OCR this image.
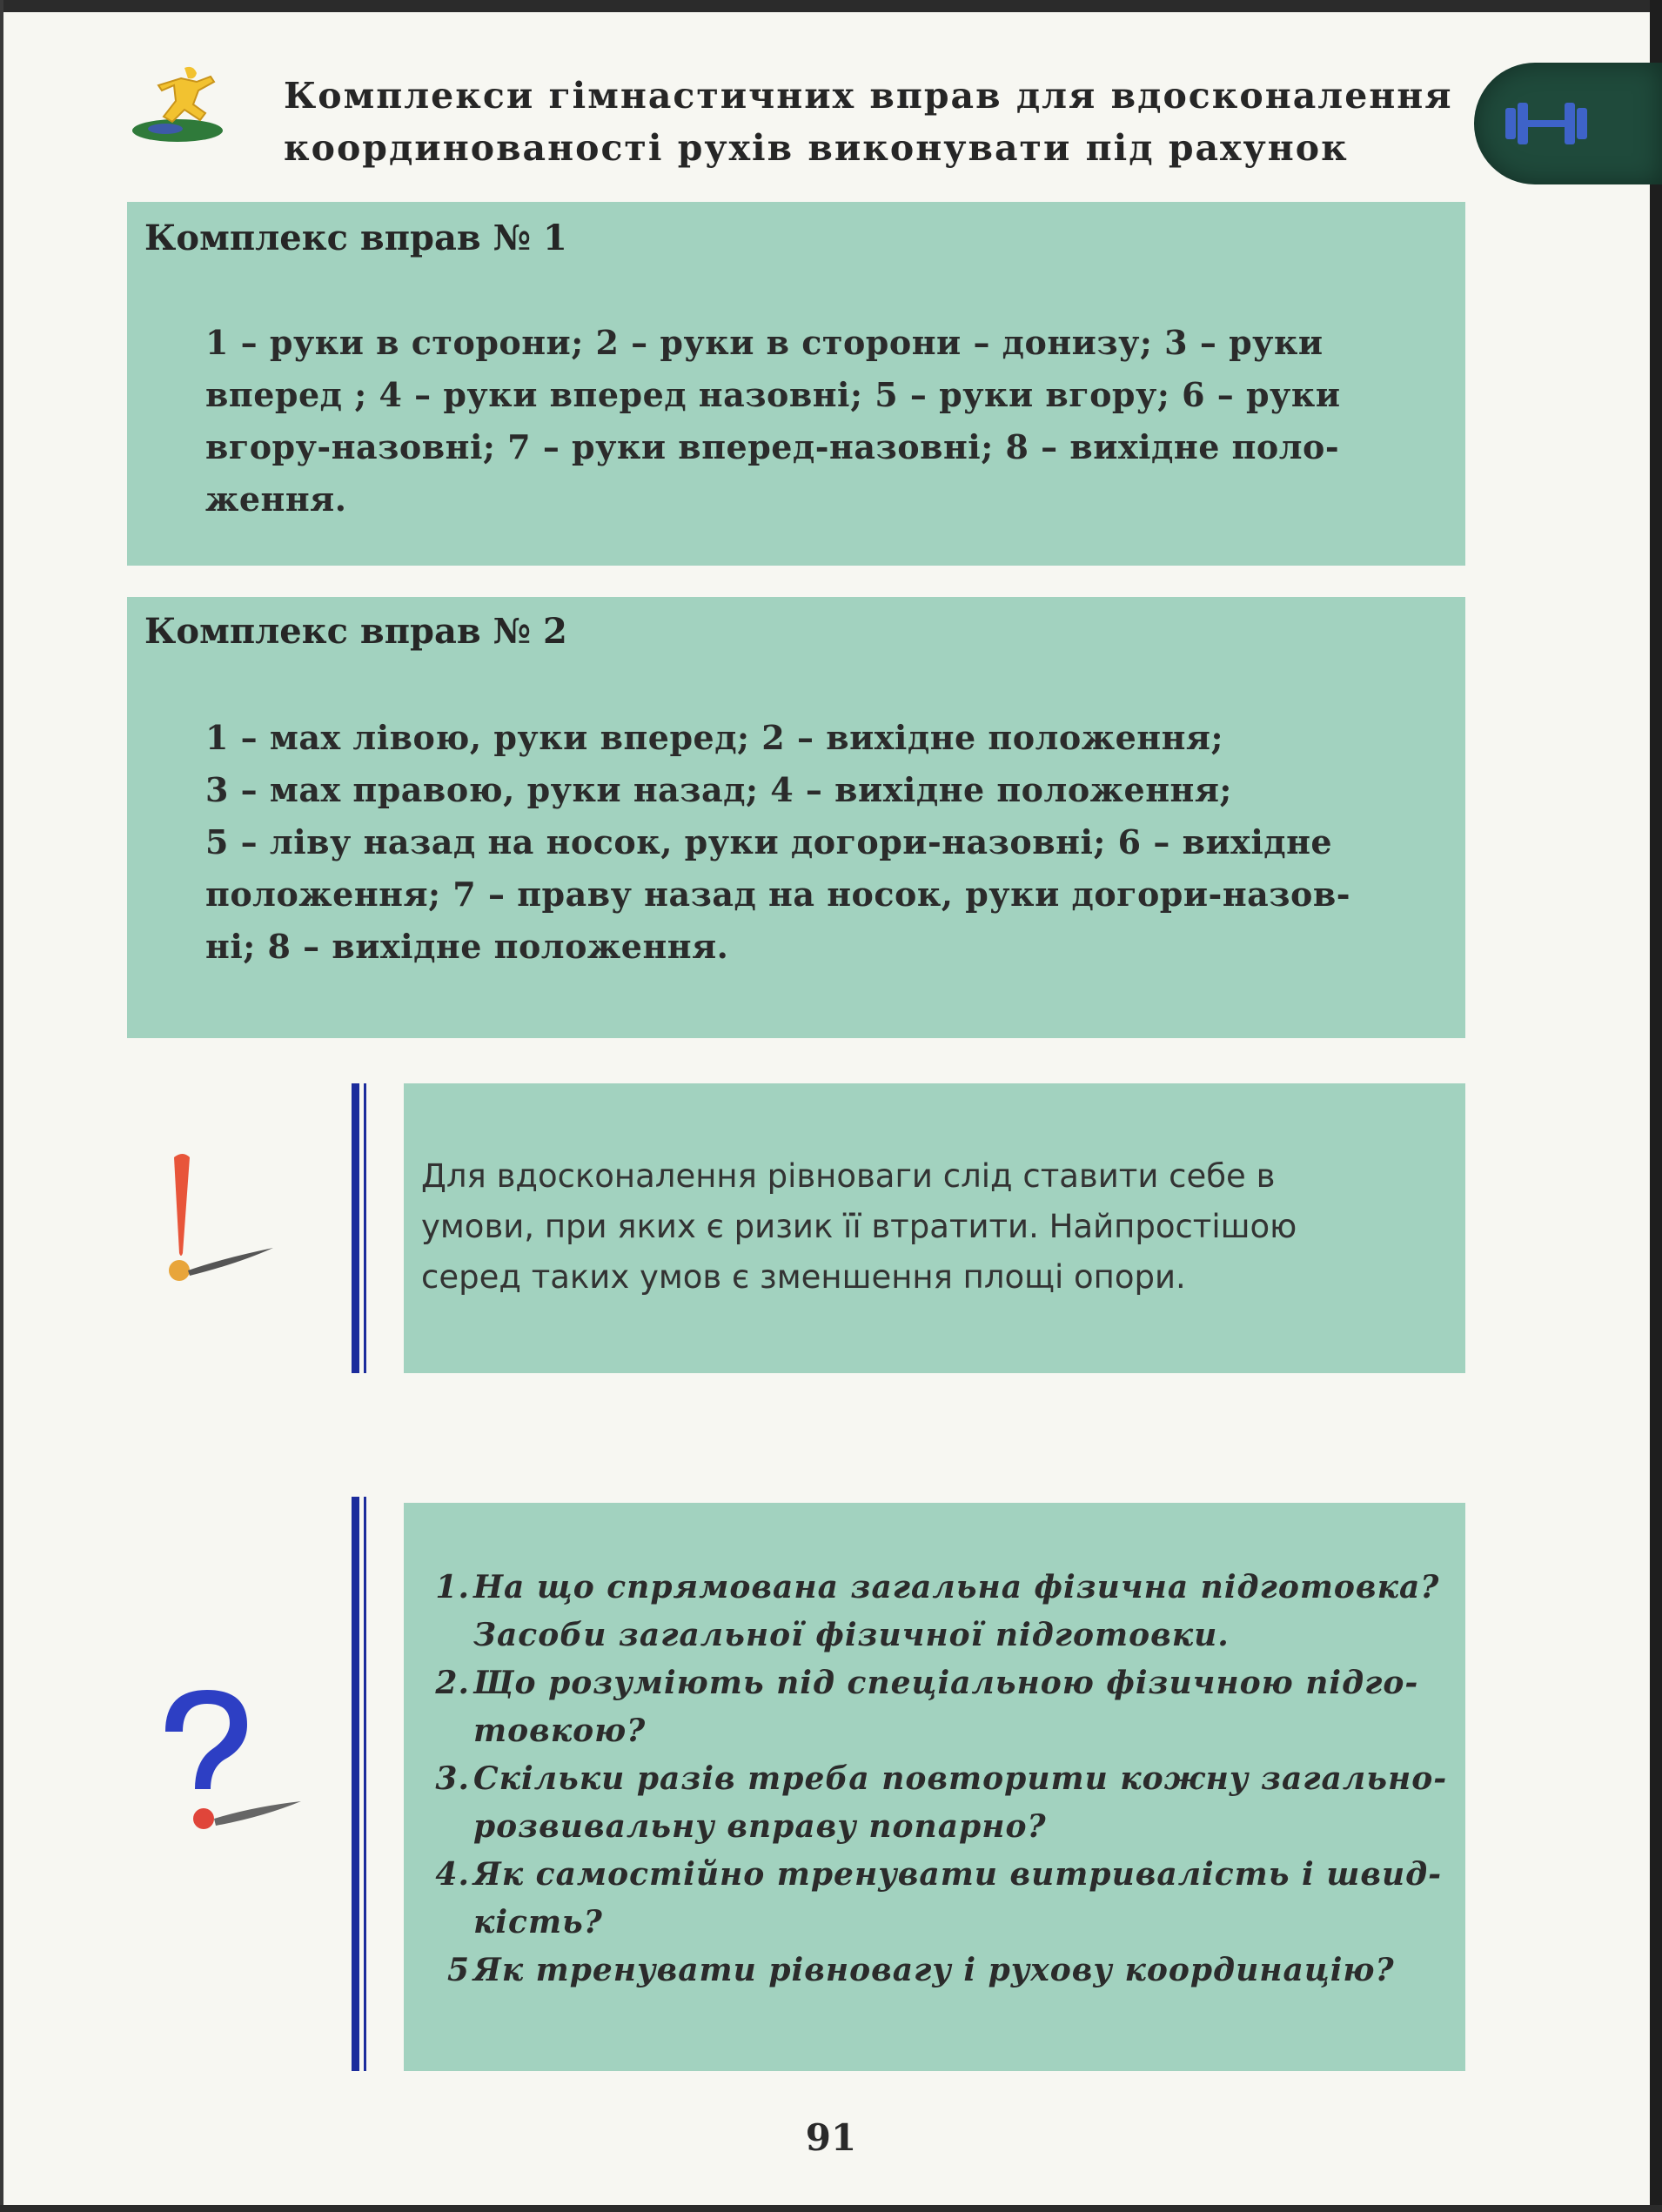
Комплекси гімнастичних вправ для вдосконалення
координованості рухів виконувати під рахунок
Комплекс вправ № 1
1 – руки в сторони; 2 – руки в сторони – донизу; 3 – руки
вперед ; 4 – руки вперед назовні; 5 – руки вгору; 6 – руки
вгору-назовні; 7 – руки вперед-назовні; 8 – вихідне поло-
ження.
Комплекс вправ № 2
1 – мах лівою, руки вперед; 2 – вихідне положення;
3 – мах правою, руки назад; 4 – вихідне положення;
5 – ліву назад на носок, руки догори-назовні; 6 – вихідне
положення; 7 – праву назад на носок, руки догори-назов-
ні; 8 – вихідне положення.
Для вдосконалення рівноваги слід ставити себе в
умови, при яких є ризик її втратити. Найпростішою
серед таких умов є зменшення площі опори.
1. На що спрямована загальна фізична підготовка?
Засоби загальної фізичної підготовки.
2. Що розуміють під спеціальною фізичною підго-
товкою?
3. Скільки разів треба повторити кожну загально-
розвивальну вправу попарно?
4. Як самостійно тренувати витривалість і швид-
кість?
5 Як тренувати рівновагу і рухову координацію?
91
